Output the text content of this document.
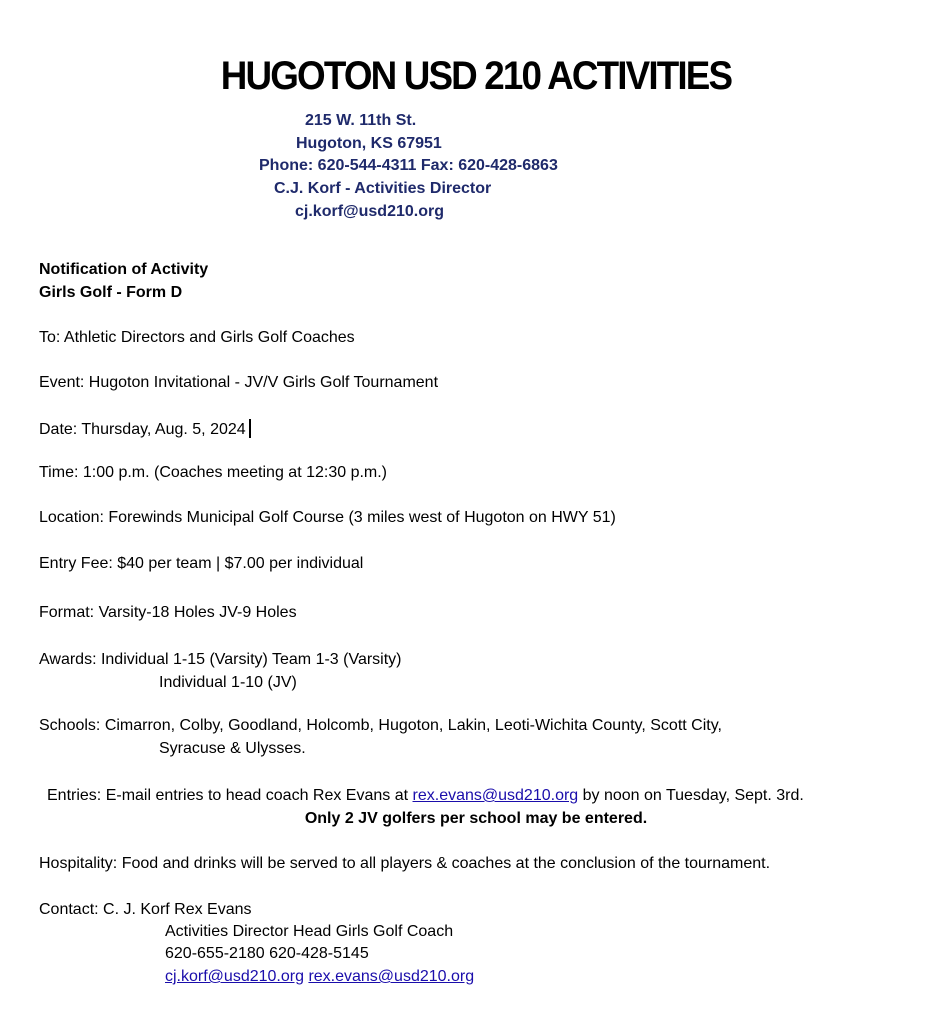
HUGOTON USD 210 ACTIVITIES
215 W. 11th St.
Hugoton, KS 67951
Phone: 620-544-4311 Fax: 620-428-6863
C.J. Korf - Activities Director
cj.korf@usd210.org
Notification of Activity
Girls Golf - Form D
To: Athletic Directors and Girls Golf Coaches
Event: Hugoton Invitational - JV/V Girls Golf Tournament
Date: Thursday, Aug. 5, 2024
Time: 1:00 p.m. (Coaches meeting at 12:30 p.m.)
Location: Forewinds Municipal Golf Course (3 miles west of Hugoton on HWY 51)
Entry Fee: $40 per team | $7.00 per individual
Format: Varsity-18 Holes JV-9 Holes
Awards: Individual 1-15 (Varsity) Team 1-3 (Varsity)
Individual 1-10 (JV)
Schools: Cimarron, Colby, Goodland, Holcomb, Hugoton, Lakin, Leoti-Wichita County, Scott City,
Syracuse & Ulysses.
Entries: E-mail entries to head coach Rex Evans at rex.evans@usd210.org by noon on Tuesday, Sept. 3rd.
Only 2 JV golfers per school may be entered.
Hospitality: Food and drinks will be served to all players & coaches at the conclusion of the tournament.
Contact: C. J. Korf Rex Evans
Activities Director Head Girls Golf Coach
620-655-2180 620-428-5145
cj.korf@usd210.org rex.evans@usd210.org
